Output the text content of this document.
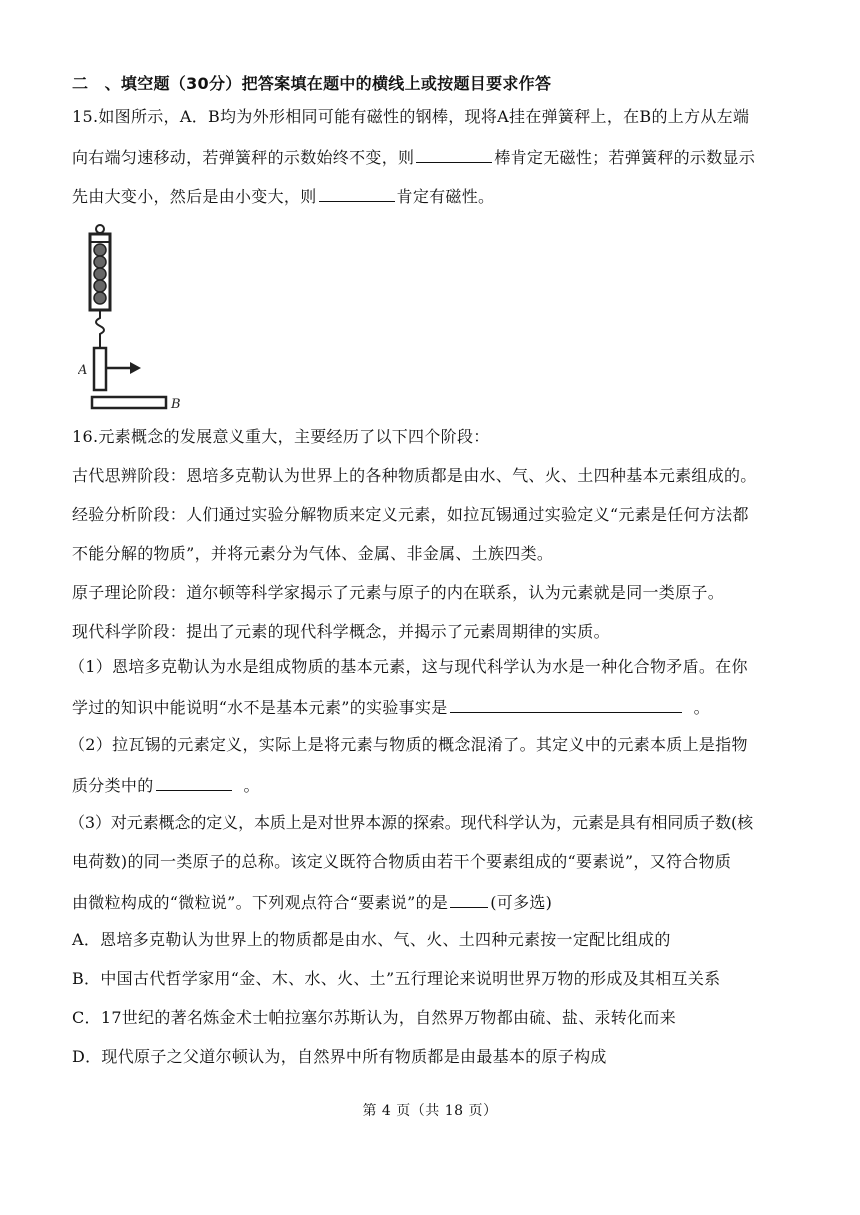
二　、填空题（30分）把答案填在题中的横线上或按题目要求作答
15.如图所示，A．B均为外形相同可能有磁性的钢棒，现将A挂在弹簧秤上，在B的上方从左端
向右端匀速移动，若弹簧秤的示数始终不变，则	棒肯定无磁性；若弹簧秤的示数显示
先由大变小，然后是由小变大，则	肯定有磁性。
A
B
16.元素概念的发展意义重大，主要经历了以下四个阶段：
古代思辨阶段：恩培多克勒认为世界上的各种物质都是由水、气、火、土四种基本元素组成的。
经验分析阶段：人们通过实验分解物质来定义元素，如拉瓦锡通过实验定义“元素是任何方法都
不能分解的物质”，并将元素分为气体、金属、非金属、土族四类。
原子理论阶段：道尔顿等科学家揭示了元素与原子的内在联系，认为元素就是同一类原子。
现代科学阶段：提出了元素的现代科学概念，并揭示了元素周期律的实质。
（1）恩培多克勒认为水是组成物质的基本元素，这与现代科学认为水是一种化合物矛盾。在你
学过的知识中能说明“水不是基本元素”的实验事实是	。
（2）拉瓦锡的元素定义，实际上是将元素与物质的概念混淆了。其定义中的元素本质上是指物
质分类中的	。
（3）对元素概念的定义，本质上是对世界本源的探索。现代科学认为，元素是具有相同质子数(核
电荷数)的同一类原子的总称。该定义既符合物质由若干个要素组成的“要素说”，又符合物质
由微粒构成的“微粒说”。下列观点符合“要素说”的是	(可多选)
A．恩培多克勒认为世界上的物质都是由水、气、火、土四种元素按一定配比组成的
B．中国古代哲学家用“金、木、水、火、土”五行理论来说明世界万物的形成及其相互关系
C．17世纪的著名炼金术士帕拉塞尔苏斯认为，自然界万物都由硫、盐、汞转化而来
D．现代原子之父道尔顿认为，自然界中所有物质都是由最基本的原子构成
第 4 页（共 18 页）
